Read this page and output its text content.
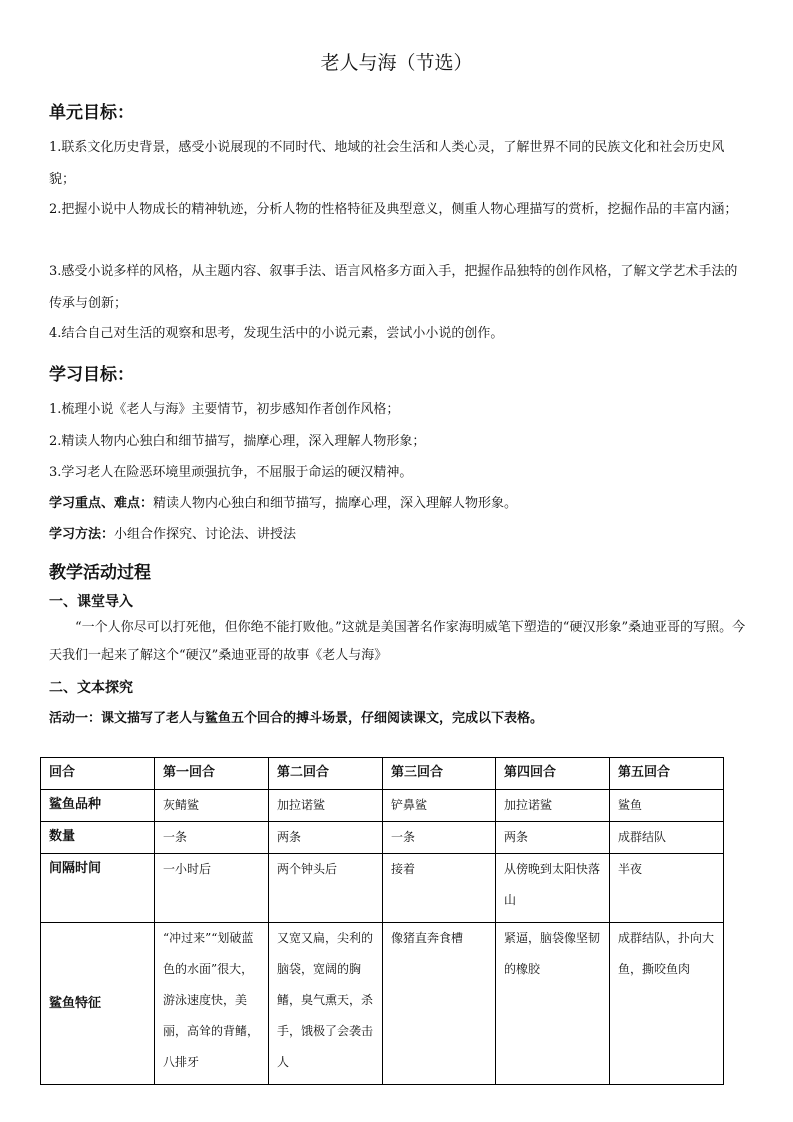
老人与海（节选）
单元目标：
1.联系文化历史背景，感受小说展现的不同时代、地域的社会生活和人类心灵，了解世界不同的民族文化和社会历史风貌；
2.把握小说中人物成长的精神轨迹，分析人物的性格特征及典型意义，侧重人物心理描写的赏析，挖掘作品的丰富内涵；
3.感受小说多样的风格，从主题内容、叙事手法、语言风格多方面入手，把握作品独特的创作风格，了解文学艺术手法的传承与创新；
4.结合自己对生活的观察和思考，发现生活中的小说元素，尝试小小说的创作。
学习目标：
1.梳理小说《老人与海》主要情节，初步感知作者创作风格；
2.精读人物内心独白和细节描写，揣摩心理，深入理解人物形象；
3.学习老人在险恶环境里顽强抗争，不屈服于命运的硬汉精神。
学习重点、难点：精读人物内心独白和细节描写，揣摩心理，深入理解人物形象。
学习方法：小组合作探究、讨论法、讲授法
教学活动过程
一、课堂导入
“一个人你尽可以打死他，但你绝不能打败他。”这就是美国著名作家海明威笔下塑造的“硬汉形象”桑迪亚哥的写照。今天我们一起来了解这个“硬汉”桑迪亚哥的故事《老人与海》
二、文本探究
活动一：课文描写了老人与鲨鱼五个回合的搏斗场景，仔细阅读课文，完成以下表格。
回合	第一回合	第二回合	第三回合	第四回合	第五回合
鲨鱼品种	灰鲭鲨	加拉诺鲨	铲鼻鲨	加拉诺鲨	鲨鱼
数量	一条	两条	一条	两条	成群结队
间隔时间	一小时后	两个钟头后	接着	从傍晚到太阳快落山	半夜
鲨鱼特征	“冲过来”“划破蓝色的水面”很大，游泳速度快，美丽，高耸的背鳍，八排牙	又宽又扁，尖利的脑袋，宽阔的胸鳍，臭气熏天，杀手，饿极了会袭击人	像猪直奔食槽	紧逼，脑袋像坚韧的橡胶	成群结队，扑向大鱼，撕咬鱼肉
